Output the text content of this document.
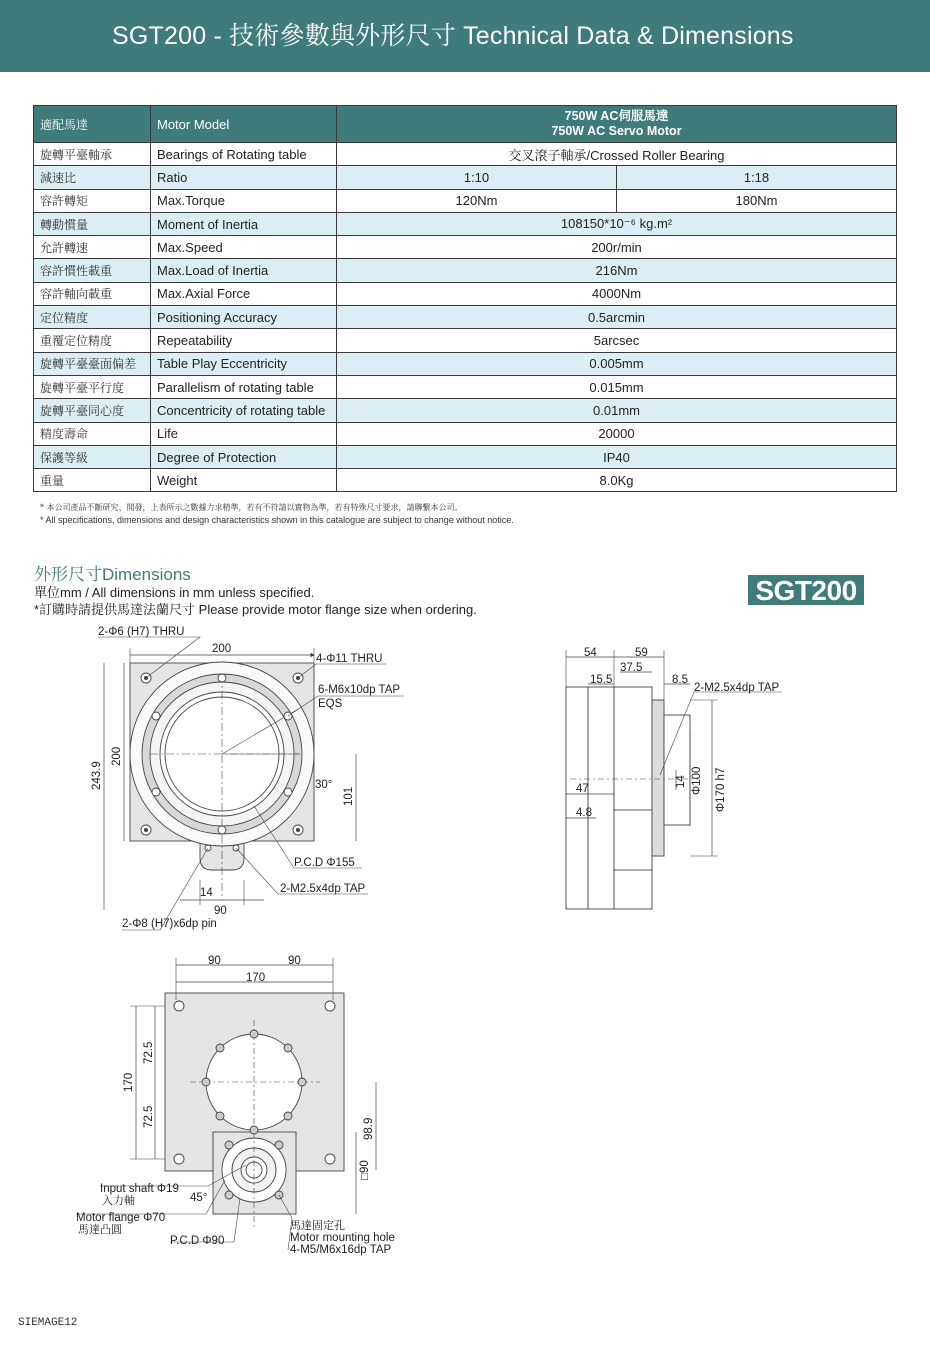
SGT200 - 技術參數與外形尺寸 Technical Data & Dimensions
適配馬達	Motor Model	750W AC伺服馬達
750W AC Servo Motor	

旋轉平臺軸承	Bearings of Rotating table	交叉滾子軸承/Crossed Roller Bearing	
減速比	Ratio	1:10	1:18
容許轉矩	Max.Torque	120Nm	180Nm
轉動慣量	Moment of Inertia	108150*10⁻⁶ kg.m²	
允許轉速	Max.Speed	200r/min	
容許慣性載重	Max.Load of Inertia	216Nm	
容許軸向載重	Max.Axial Force	4000Nm	
定位精度	Positioning Accuracy	0.5arcmin	
重覆定位精度	Repeatability	5arcsec	
旋轉平臺臺面偏差	Table Play Eccentricity	0.005mm	
旋轉平臺平行度	Parallelism of rotating table	0.015mm	
旋轉平臺同心度	Concentricity of rotating table	0.01mm	
精度壽命	Life	20000	
保護等級	Degree of Protection	IP40	
重量	Weight	8.0Kg	
* 本公司產品不斷研究、開發，上表所示之數據力求精準，若有不符請以實物為準，若有特殊尺寸要求，請聯繫本公司。
* All specifications, dimensions and design characteristics shown in this catalogue are subject to change without notice.
外形尺寸Dimensions
單位mm / All dimensions in mm unless specified.
*訂購時請提供馬達法蘭尺寸 Please provide motor flange size when ordering.
SGT200
2-Φ6 (H7) THRU
200
4-Φ11 THRU
6-M6x10dp TAP
EQS
243.9
200
30°
101
P.C.D Φ155
2-M2.5x4dp TAP
14
90
2-Φ8 (H7)x6dp pin
54	59
37.5
15.5	8.5
2-M2.5x4dp TAP
47
4.8
14 Φ100 Φ170 h7
90	90
170
170
72.5
72.5
98.9
□90
Input shaft Φ19
入力軸	45°
Motor flange Φ70
馬達凸圓
P.C.D Φ90
馬達固定孔
Motor mounting hole
4-M5/M6x16dp TAP
SIEMAGE12
